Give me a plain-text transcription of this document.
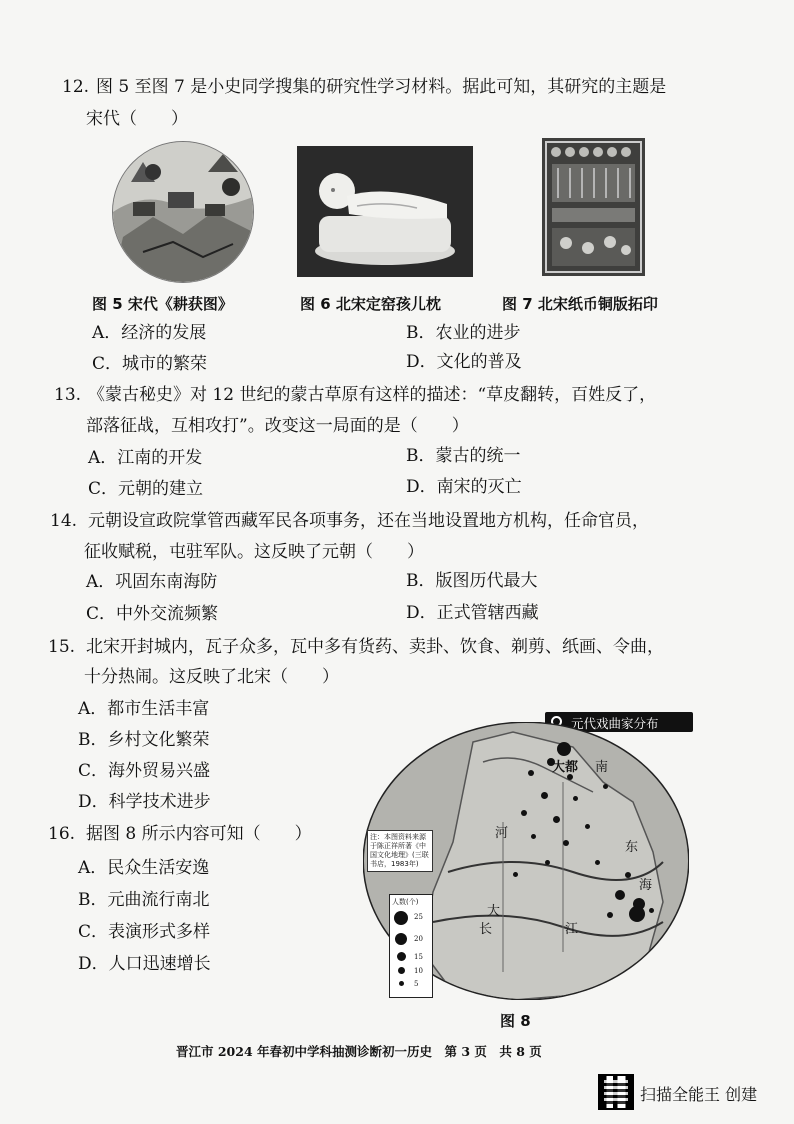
12. 图 5 至图 7 是小史同学搜集的研究性学习材料。据此可知，其研究的主题是
宋代（　　）
图 5 宋代《耕获图》	图 6 北宋定窑孩儿枕	图 7 北宋纸币铜版拓印
A．经济的发展	B．农业的进步
C．城市的繁荣	D．文化的普及
13. 《蒙古秘史》对 12 世纪的蒙古草原有这样的描述：“草皮翻转，百姓反了，
部落征战，互相攻打”。改变这一局面的是（　　）
A．江南的开发	B．蒙古的统一
C．元朝的建立	D．南宋的灭亡
14. 元朝设宣政院掌管西藏军民各项事务，还在当地设置地方机构，任命官员，
征收赋税，屯驻军队。这反映了元朝（　　）
A．巩固东南海防	B．版图历代最大
C．中外交流频繁	D．正式管辖西藏
15. 北宋开封城内，瓦子众多，瓦中多有货药、卖卦、饮食、剃剪、纸画、令曲，
十分热闹。这反映了北宋（　　）
A．都市生活丰富
B．乡村文化繁荣
C．海外贸易兴盛
D．科学技术进步
16. 据图 8 所示内容可知（　　）
A．民众生活安逸
B．元曲流行南北
C．表演形式多样
D．人口迅速增长
元代戏曲家分布
大都 南
河
东
海
大
长	江
注：本图资料来源于陈正祥所著《中国文化地理》(三联书店，1983年)
人数(个)
25
20
15
10
5
图 8
晋江市 2024 年春初中学科抽测诊断初一历史　第 3 页　共 8 页
扫描全能王 创建
